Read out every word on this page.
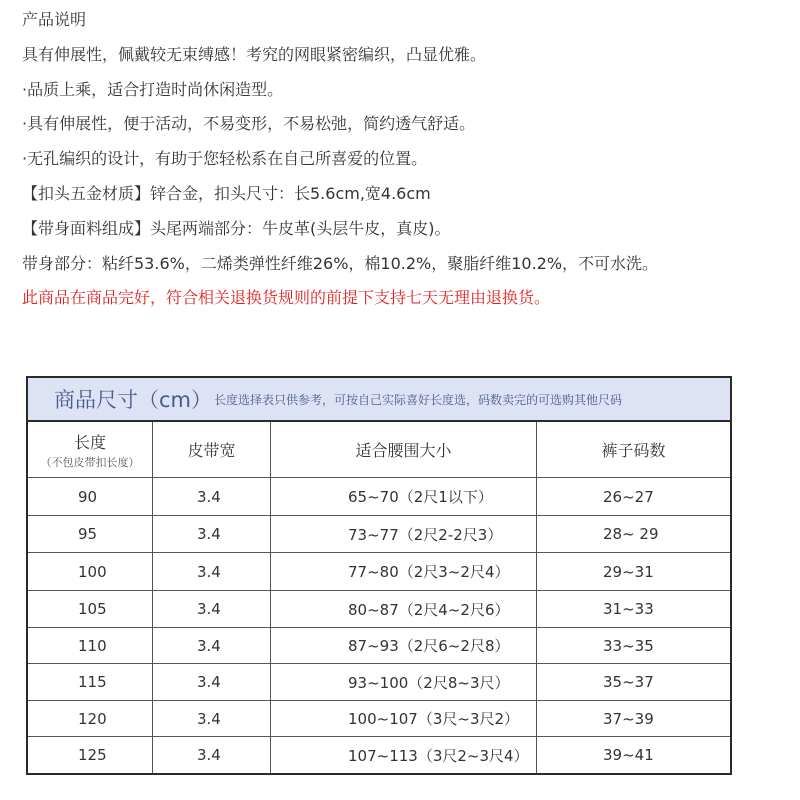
产品说明
具有伸展性，佩戴较无束缚感！考究的网眼紧密编织，凸显优雅。
·品质上乘，适合打造时尚休闲造型。
·具有伸展性，便于活动，不易变形，不易松弛，简约透气舒适。
·无孔编织的设计，有助于您轻松系在自己所喜爱的位置。
【扣头五金材质】锌合金，扣头尺寸：长5.6cm,宽4.6cm
【带身面料组成】头尾两端部分：牛皮革(头层牛皮，真皮)。
带身部分：粘纤53.6%，二烯类弹性纤维26%，棉10.2%，聚脂纤维10.2%，不可水洗。
此商品在商品完好，符合相关退换货规则的前提下支持七天无理由退换货。
商品尺寸（cm） 长度选择表只供参考，可按自己实际喜好长度选，码数卖完的可选购其他尺码
长度
（不包皮带扣长度）
皮带宽	适合腰围大小	裤子码数
90	3.4	65~70（2尺1以下）	26~27
95	3.4	73~77（2尺2-2尺3）	28~ 29
100	3.4	77~80（2尺3~2尺4）	29~31
105	3.4	80~87（2尺4~2尺6）	31~33
110	3.4	87~93（2尺6~2尺8）	33~35
115	3.4	93~100（2尺8~3尺）	35~37
120	3.4	100~107（3尺~3尺2）	37~39
125	3.4	107~113（3尺2~3尺4）	39~41
